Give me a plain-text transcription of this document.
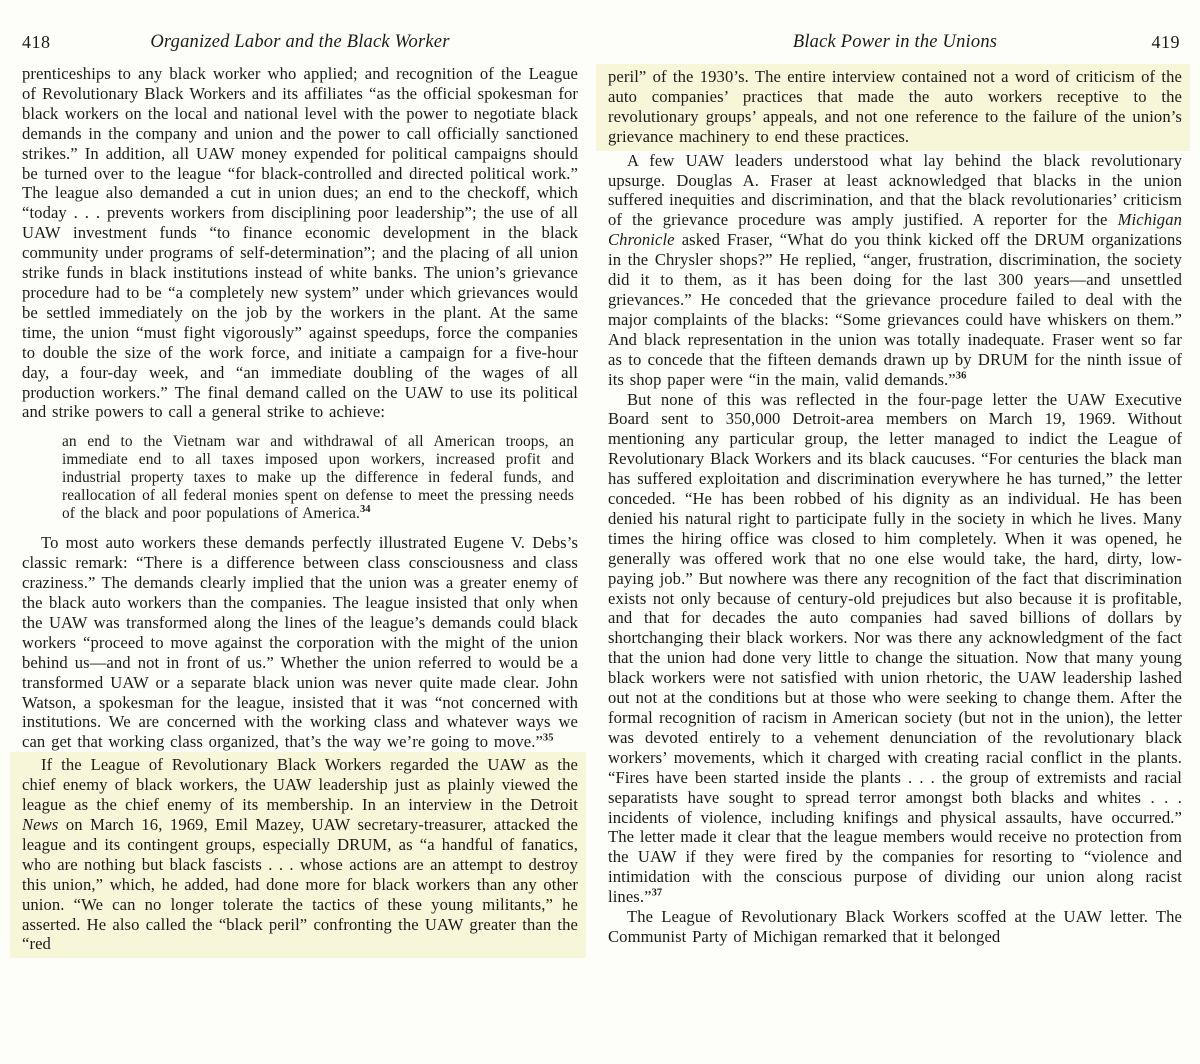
418	Organized Labor and the Black Worker

prenticeships to any black worker who applied; and recognition of the League of Revolutionary Black Workers and its affiliates “as the official spokesman for black workers on the local and national level with the power to negotiate black demands in the company and union and the power to call officially sanctioned strikes.” In addition, all UAW money expended for political campaigns should be turned over to the league “for black-controlled and directed political work.” The league also demanded a cut in union dues; an end to the checkoff, which “today . . . prevents workers from disciplining poor leadership”; the use of all UAW investment funds “to finance economic development in the black community under programs of self-determination”; and the placing of all union strike funds in black institutions instead of white banks. The union’s grievance procedure had to be “a completely new system” under which grievances would be settled immediately on the job by the workers in the plant. At the same time, the union “must fight vigorously” against speedups, force the companies to double the size of the work force, and initiate a campaign for a five-hour day, a four-day week, and “an immediate doubling of the wages of all production workers.” The final demand called on the UAW to use its political and strike powers to call a general strike to achieve:

an end to the Vietnam war and withdrawal of all American troops, an immediate end to all taxes imposed upon workers, increased profit and industrial property taxes to make up the difference in federal funds, and reallocation of all federal monies spent on defense to meet the pressing needs of the black and poor populations of America.$^{34}$

To most auto workers these demands perfectly illustrated Eugene V. Debs’s classic remark: “There is a difference between class consciousness and class craziness.” The demands clearly implied that the union was a greater enemy of the black auto workers than the companies. The league insisted that only when the UAW was transformed along the lines of the league’s demands could black workers “proceed to move against the corporation with the might of the union behind us—and not in front of us.” Whether the union referred to would be a transformed UAW or a separate black union was never quite made clear. John Watson, a spokesman for the league, insisted that it was “not concerned with institutions. We are concerned with the working class and whatever ways we can get that working class organized, that’s the way we’re going to move.”$^{35}$

If the League of Revolutionary Black Workers regarded the UAW as the chief enemy of black workers, the UAW leadership just as plainly viewed the league as the chief enemy of its membership. In an interview in the Detroit News on March 16, 1969, Emil Mazey, UAW secretary-treasurer, attacked the league and its contingent groups, especially DRUM, as “a handful of fanatics, who are nothing but black fascists . . . whose actions are an attempt to destroy this union,” which, he added, had done more for black workers than any other union. “We can no longer tolerate the tactics of these young militants,” he asserted. He also called the “black peril” confronting the UAW greater than the “red

Black Power in the Unions	419

peril” of the 1930’s. The entire interview contained not a word of criticism of the auto companies’ practices that made the auto workers receptive to the revolutionary groups’ appeals, and not one reference to the failure of the union’s grievance machinery to end these practices.

A few UAW leaders understood what lay behind the black revolutionary upsurge. Douglas A. Fraser at least acknowledged that blacks in the union suffered inequities and discrimination, and that the black revolutionaries’ criticism of the grievance procedure was amply justified. A reporter for the Michigan Chronicle asked Fraser, “What do you think kicked off the DRUM organizations in the Chrysler shops?” He replied, “anger, frustration, discrimination, the society did it to them, as it has been doing for the last 300 years—and unsettled grievances.” He conceded that the grievance procedure failed to deal with the major complaints of the blacks: “Some grievances could have whiskers on them.” And black representation in the union was totally inadequate. Fraser went so far as to concede that the fifteen demands drawn up by DRUM for the ninth issue of its shop paper were “in the main, valid demands.”$^{36}$

But none of this was reflected in the four-page letter the UAW Executive Board sent to 350,000 Detroit-area members on March 19, 1969. Without mentioning any particular group, the letter managed to indict the League of Revolutionary Black Workers and its black caucuses. “For centuries the black man has suffered exploitation and discrimination everywhere he has turned,” the letter conceded. “He has been robbed of his dignity as an individual. He has been denied his natural right to participate fully in the society in which he lives. Many times the hiring office was closed to him completely. When it was opened, he generally was offered work that no one else would take, the hard, dirty, low-paying job.” But nowhere was there any recognition of the fact that discrimination exists not only because of century-old prejudices but also because it is profitable, and that for decades the auto companies had saved billions of dollars by shortchanging their black workers. Nor was there any acknowledgment of the fact that the union had done very little to change the situation. Now that many young black workers were not satisfied with union rhetoric, the UAW leadership lashed out not at the conditions but at those who were seeking to change them. After the formal recognition of racism in American society (but not in the union), the letter was devoted entirely to a vehement denunciation of the revolutionary black workers’ movements, which it charged with creating racial conflict in the plants. “Fires have been started inside the plants . . . the group of extremists and racial separatists have sought to spread terror amongst both blacks and whites . . . incidents of violence, including knifings and physical assaults, have occurred.” The letter made it clear that the league members would receive no protection from the UAW if they were fired by the companies for resorting to “violence and intimidation with the conscious purpose of dividing our union along racist lines.”$^{37}$

The League of Revolutionary Black Workers scoffed at the UAW letter. The Communist Party of Michigan remarked that it belonged
